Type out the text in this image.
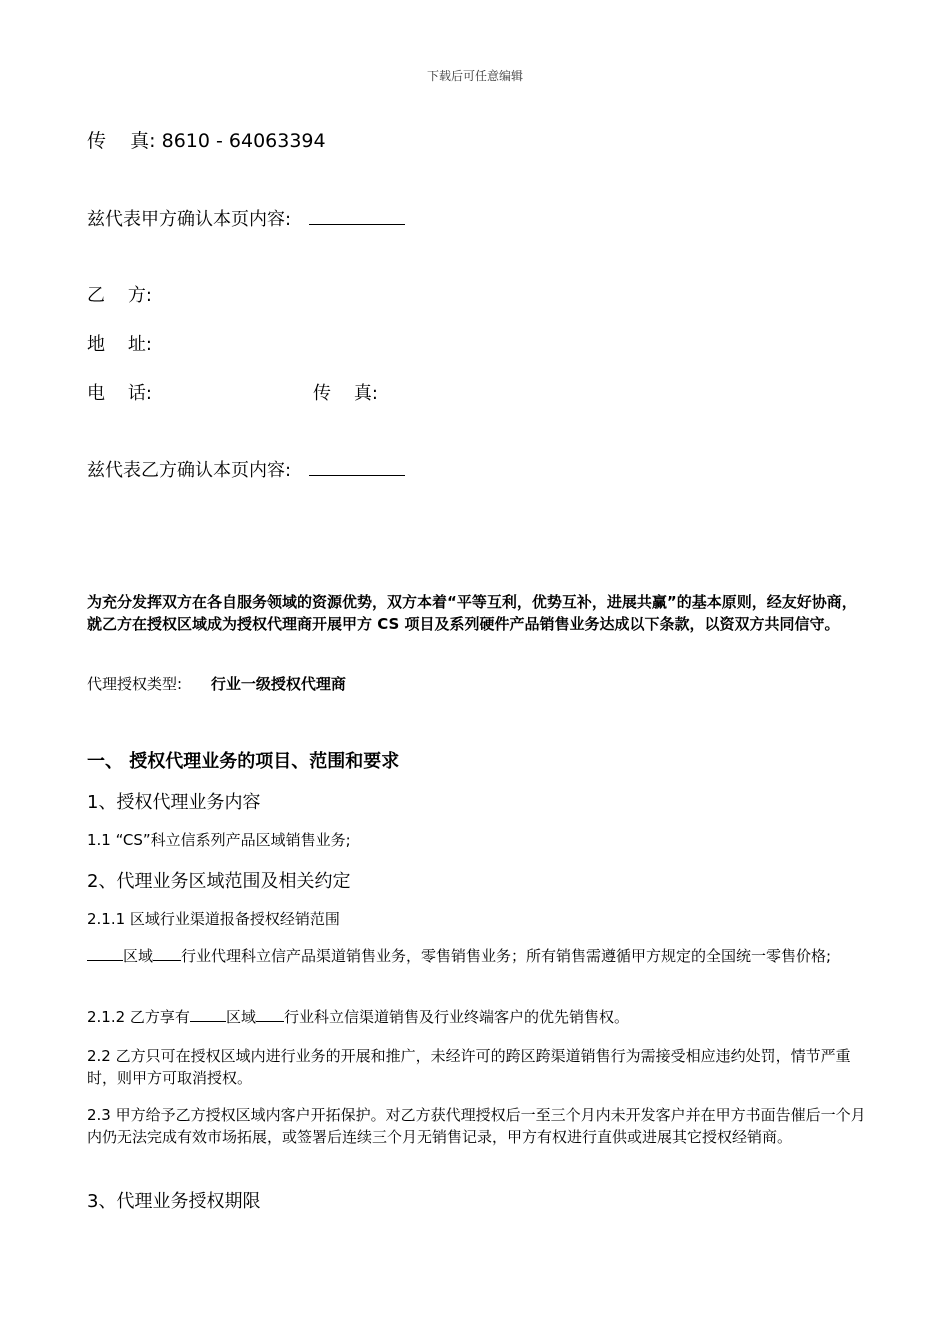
下载后可任意编辑
传    真: 8610 - 64063394
兹代表甲方确认本页内容:
乙    方:
地    址:
电    话:	传    真:
兹代表乙方确认本页内容:
为充分发挥双方在各自服务领域的资源优势，双方本着“平等互利，优势互补，进展共赢”的基本原则，经友好协商，就乙方在授权区域成为授权代理商开展甲方 CS 项目及系列硬件产品销售业务达成以下条款，以资双方共同信守。
代理授权类型: 行业一级授权代理商
一、 授权代理业务的项目、范围和要求
1、授权代理业务内容
1.1 “CS”科立信系列产品区域销售业务;
2、代理业务区域范围及相关约定
2.1.1 区域行业渠道报备授权经销范围
区域 行业代理科立信产品渠道销售业务，零售销售业务；所有销售需遵循甲方规定的全国统一零售价格;
2.1.2 乙方享有 区域 行业科立信渠道销售及行业终端客户的优先销售权。
2.2 乙方只可在授权区域内进行业务的开展和推广，未经许可的跨区跨渠道销售行为需接受相应违约处罚，情节严重时，则甲方可取消授权。
2.3 甲方给予乙方授权区域内客户开拓保护。对乙方获代理授权后一至三个月内未开发客户并在甲方书面告催后一个月内仍无法完成有效市场拓展，或签署后连续三个月无销售记录，甲方有权进行直供或进展其它授权经销商。
3、代理业务授权期限
